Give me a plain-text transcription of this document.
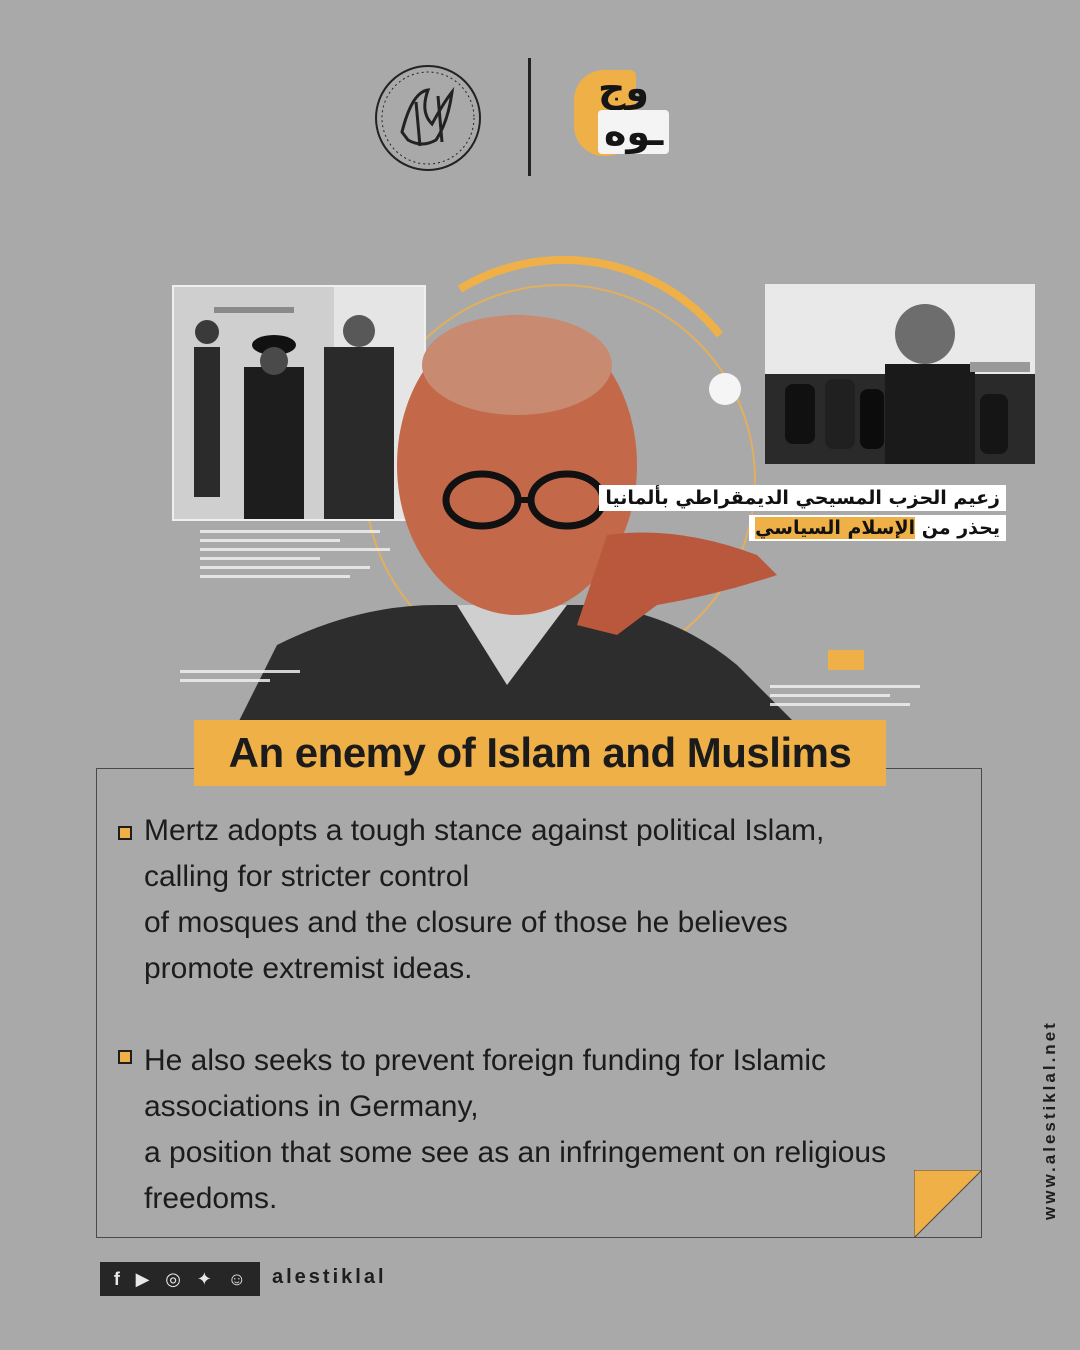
وج
ـوه
زعيم الحزب المسيحي الديمقراطي بألمانيا
يحذر من الإسلام السياسي
An enemy of Islam and Muslims
Mertz adopts a tough stance against political Islam,
calling for stricter control
of mosques and the closure of those he believes
promote extremist ideas.
He also seeks to prevent foreign funding for Islamic
associations in Germany,
a position that some see as an infringement on religious
freedoms.
f ▶ ◎ ✦ ☺ alestiklal
www.alestiklal.net
